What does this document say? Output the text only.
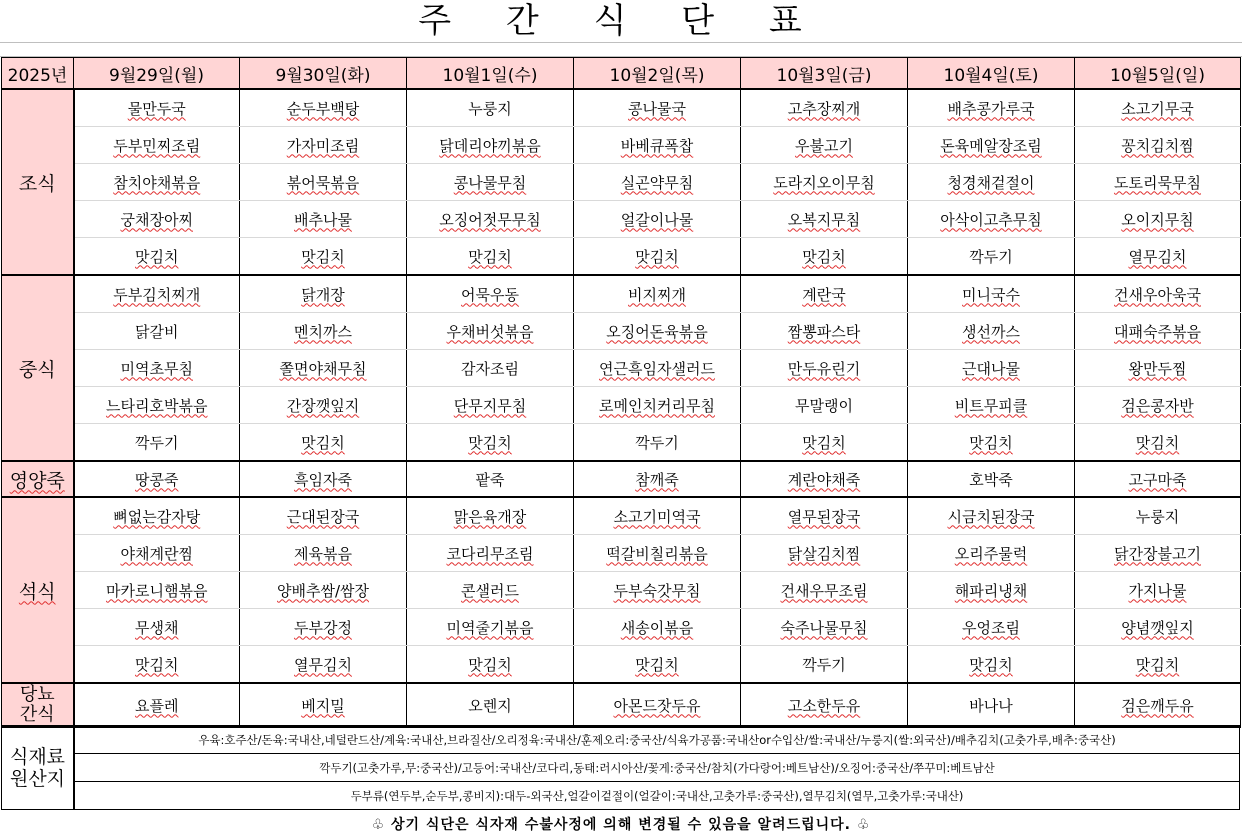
주 간 식 단 표
2025년	9월29일(월)	9월30일(화)	10월1일(수)	10월2일(목)	10월3일(금)	10월4일(토)	10월5일(일)
조식	물만두국	순두부백탕	누룽지	콩나물국	고추장찌개	배추콩가루국	소고기무국
	두부민찌조림	가자미조림	닭데리야끼볶음	바베큐폭찹	우불고기	돈육메알장조림	꽁치김치찜
	참치야채볶음	볶어묵볶음	콩나물무침	실곤약무침	도라지오이무침	청경채겉절이	도토리묵무침
	궁채장아찌	배추나물	오징어젓무무침	얼갈이나물	오복지무침	아삭이고추무침	오이지무침
	맛김치	맛김치	맛김치	맛김치	맛김치	깍두기	열무김치
중식	두부김치찌개	닭개장	어묵우동	비지찌개	계란국	미니국수	건새우아욱국
	닭갈비	멘치까스	우채버섯볶음	오징어돈육볶음	짬뽕파스타	생선까스	대패숙주볶음
	미역초무침	쫄면야채무침	감자조림	연근흑임자샐러드	만두유린기	근대나물	왕만두찜
	느타리호박볶음	간장깻잎지	단무지무침	로메인치커리무침	무말랭이	비트무피클	검은콩자반
	깍두기	맛김치	맛김치	깍두기	맛김치	맛김치	맛김치
영양죽	땅콩죽	흑임자죽	팥죽	참깨죽	계란야채죽	호박죽	고구마죽
석식	뼈없는감자탕	근대된장국	맑은육개장	소고기미역국	열무된장국	시금치된장국	누룽지
	야채계란찜	제육볶음	코다리무조림	떡갈비칠리볶음	닭살김치찜	오리주물럭	닭간장불고기
	마카로니햄볶음	양배추쌈/쌈장	콘샐러드	두부숙갓무침	건새우무조림	해파리냉채	가지나물
	무생채	두부강정	미역줄기볶음	새송이볶음	숙주나물무침	우엉조림	양념깻잎지
	맛김치	열무김치	맛김치	맛김치	깍두기	맛김치	맛김치
당뇨
간식	요플레	베지밀	오렌지	아몬드잣두유	고소한두유	바나나	검은깨두유
식재료
원산지	우육:호주산/돈육:국내산,네덜란드산/계육:국내산,브라질산/오리정육:국내산/훈제오리:중국산/식육가공품:국내산or수입산/쌀:국내산/누룽지(쌀:외국산)/배추김치(고춧가루,배추:중국산)
깍두기(고춧가루,무:중국산)/고등어:국내산/코다리,동태:러시아산/꽃게:중국산/참치(가다랑어:베트남산)/오징어:중국산/쭈꾸미:베트남산
두부류(연두부,순두부,콩비지):대두-외국산,얼갈이겉절이(얼갈이:국내산,고춧가루:중국산),열무김치(열무,고춧가루:국내산)
♧ 상기 식단은 식자재 수불사정에 의해 변경될 수 있음을 알려드립니다. ♧
